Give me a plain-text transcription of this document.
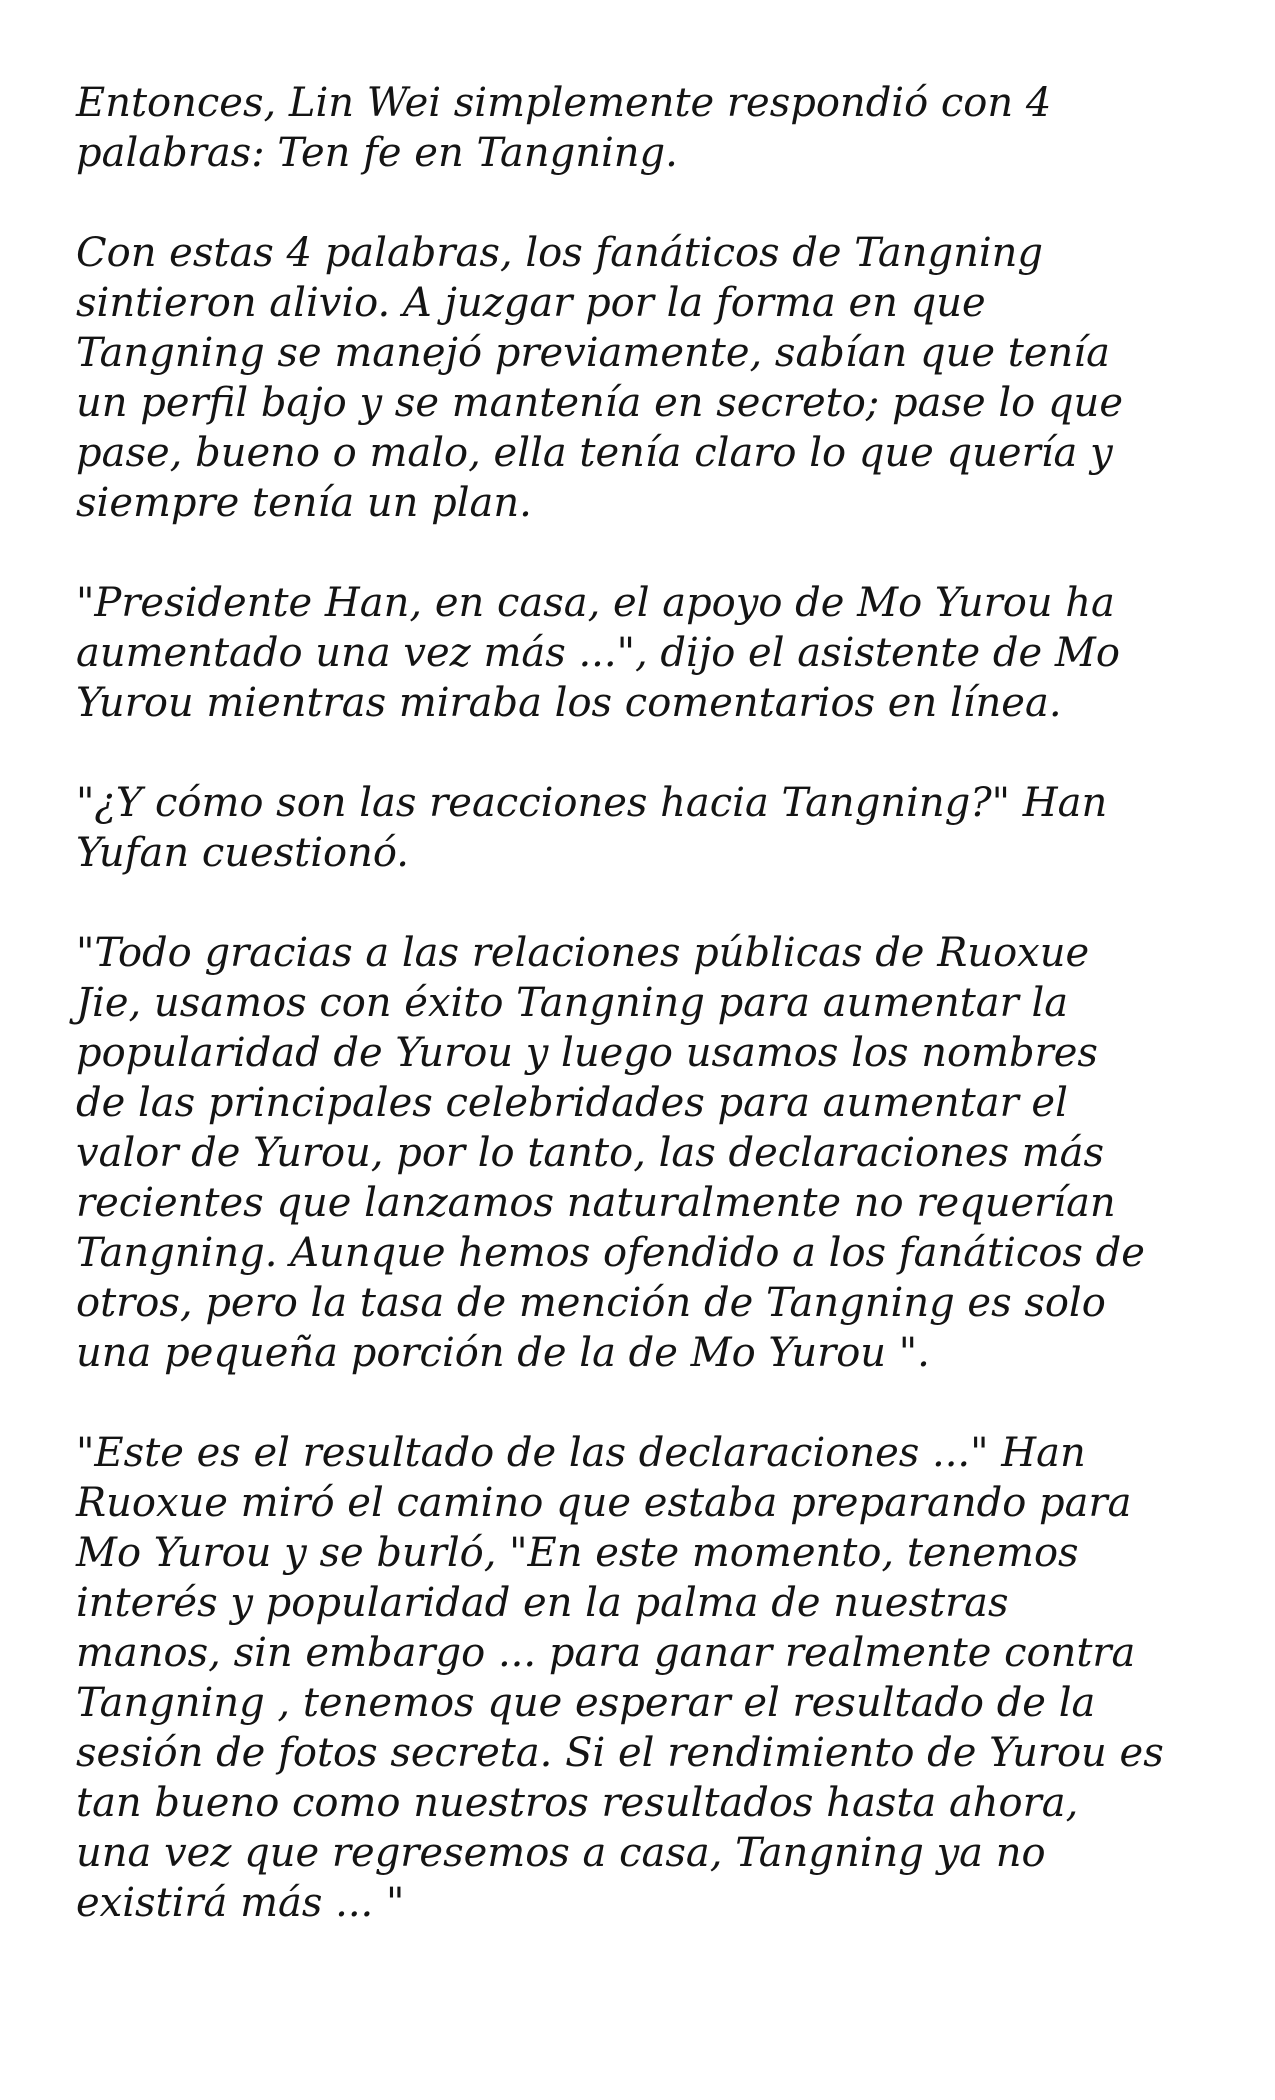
Entonces, Lin Wei simplemente respondió con 4
palabras: Ten fe en Tangning.
Con estas 4 palabras, los fanáticos de Tangning
sintieron alivio. A juzgar por la forma en que
Tangning se manejó previamente, sabían que tenía
un perfil bajo y se mantenía en secreto; pase lo que
pase, bueno o malo, ella tenía claro lo que quería y
siempre tenía un plan.
"Presidente Han, en casa, el apoyo de Mo Yurou ha
aumentado una vez más ...", dijo el asistente de Mo
Yurou mientras miraba los comentarios en línea.
"¿Y cómo son las reacciones hacia Tangning?" Han
Yufan cuestionó.
"Todo gracias a las relaciones públicas de Ruoxue
Jie, usamos con éxito Tangning para aumentar la
popularidad de Yurou y luego usamos los nombres
de las principales celebridades para aumentar el
valor de Yurou, por lo tanto, las declaraciones más
recientes que lanzamos naturalmente no requerían
Tangning. Aunque hemos ofendido a los fanáticos de
otros, pero la tasa de mención de Tangning es solo
una pequeña porción de la de Mo Yurou ".
"Este es el resultado de las declaraciones ..." Han
Ruoxue miró el camino que estaba preparando para
Mo Yurou y se burló, "En este momento, tenemos
interés y popularidad en la palma de nuestras
manos, sin embargo ... para ganar realmente contra
Tangning , tenemos que esperar el resultado de la
sesión de fotos secreta. Si el rendimiento de Yurou es
tan bueno como nuestros resultados hasta ahora,
una vez que regresemos a casa, Tangning ya no
existirá más ... "
